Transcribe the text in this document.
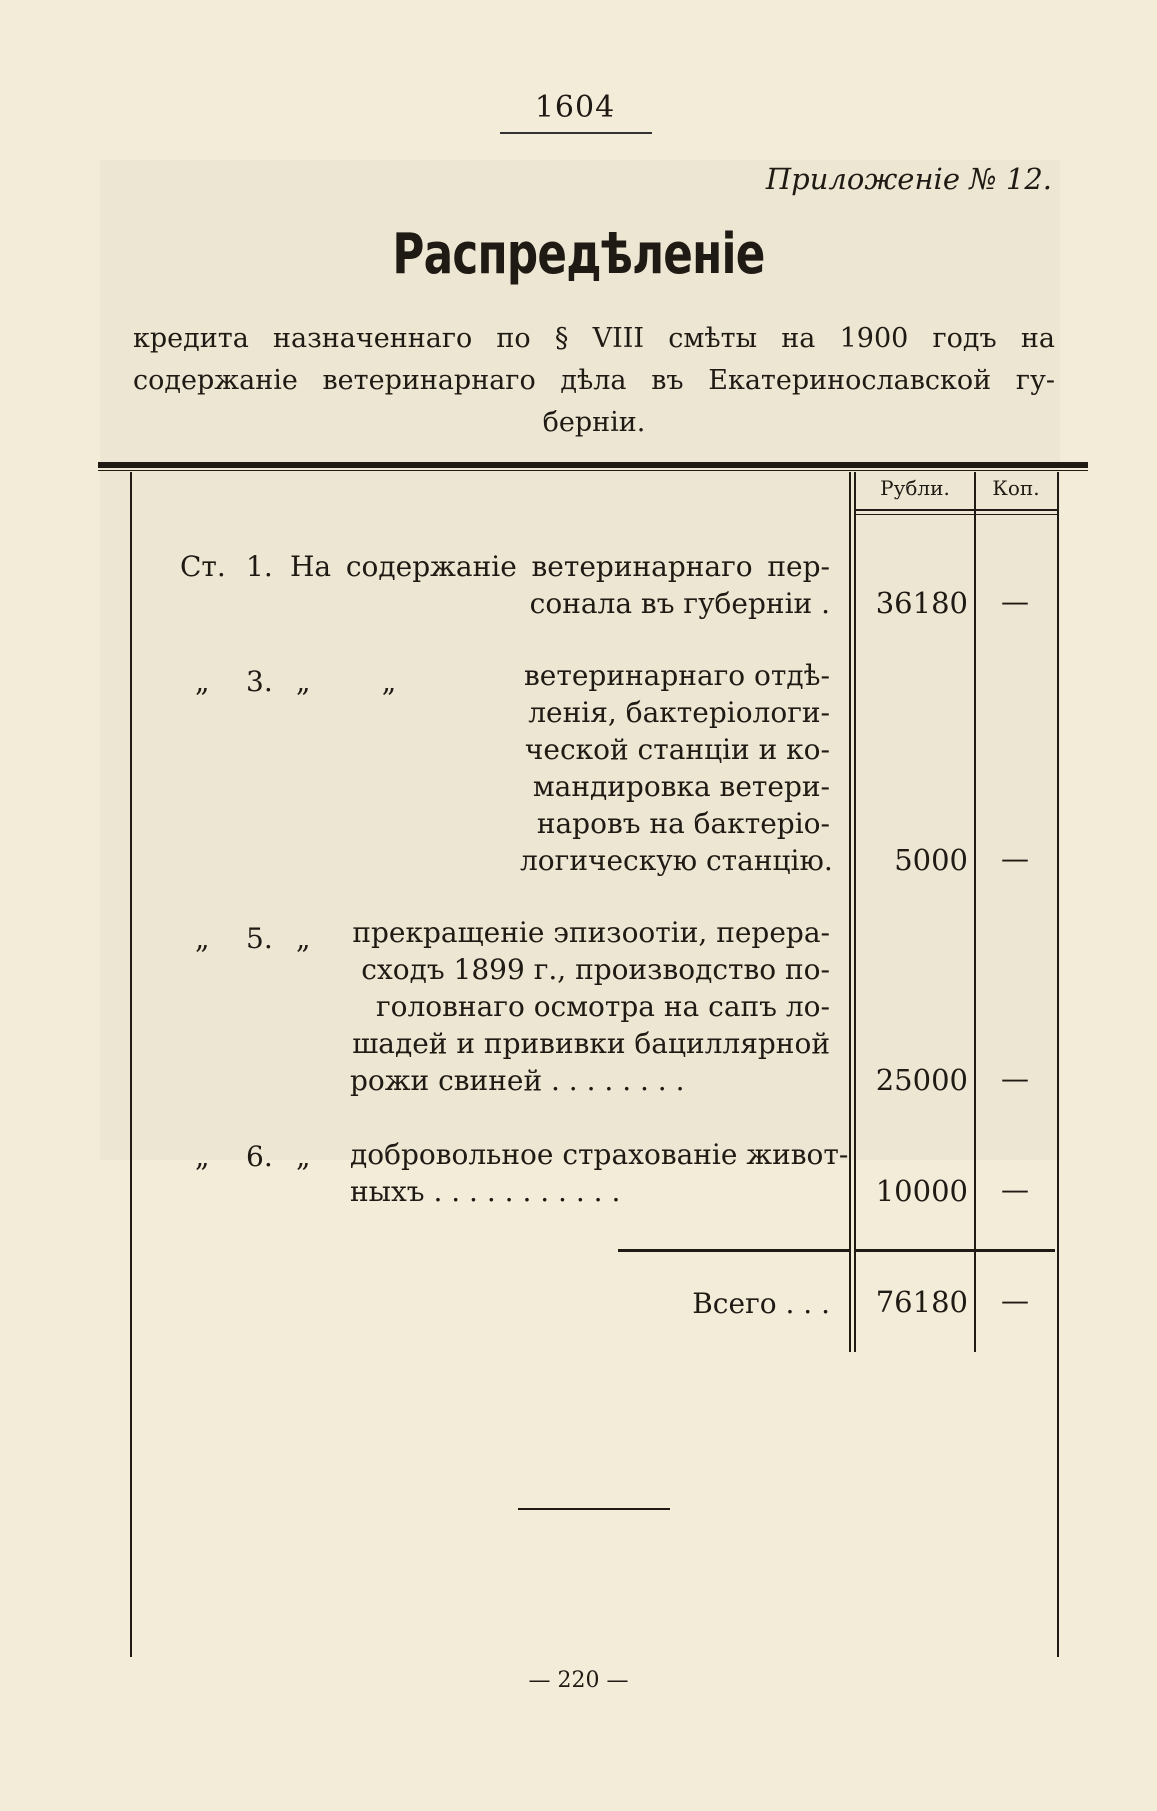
1604
Приложеніе № 12.
Распредѣленіе
кредита назначеннаго по § VIII смѣты на 1900 годъ на
содержаніе ветеринарнаго дѣла въ Екатеринославской гу-
берніи.
Рубли.	Коп.
Ст. 1. На содержаніе ветеринарнаго пер-
сонала въ губерніи .	36180	—
„ 3. „        „	ветеринарнаго отдѣ-
ленія, бактеріологи-
ческой станціи и ко-
мандировка ветери-
наровъ на бактеріо-
логическую станцію.	5000	—
„ 5. „ прекращеніе эпизоотіи, перера-
сходъ 1899 г., производство по-
головнаго осмотра на сапъ ло-
шадей и прививки бациллярной
рожи свиней . . . . . . . .	25000	—
„ 6. „ добровольное страхованіе живот-
ныхъ . . . . . . . . . . .	10000	—
Всего . . .	76180	—
— 220 —
